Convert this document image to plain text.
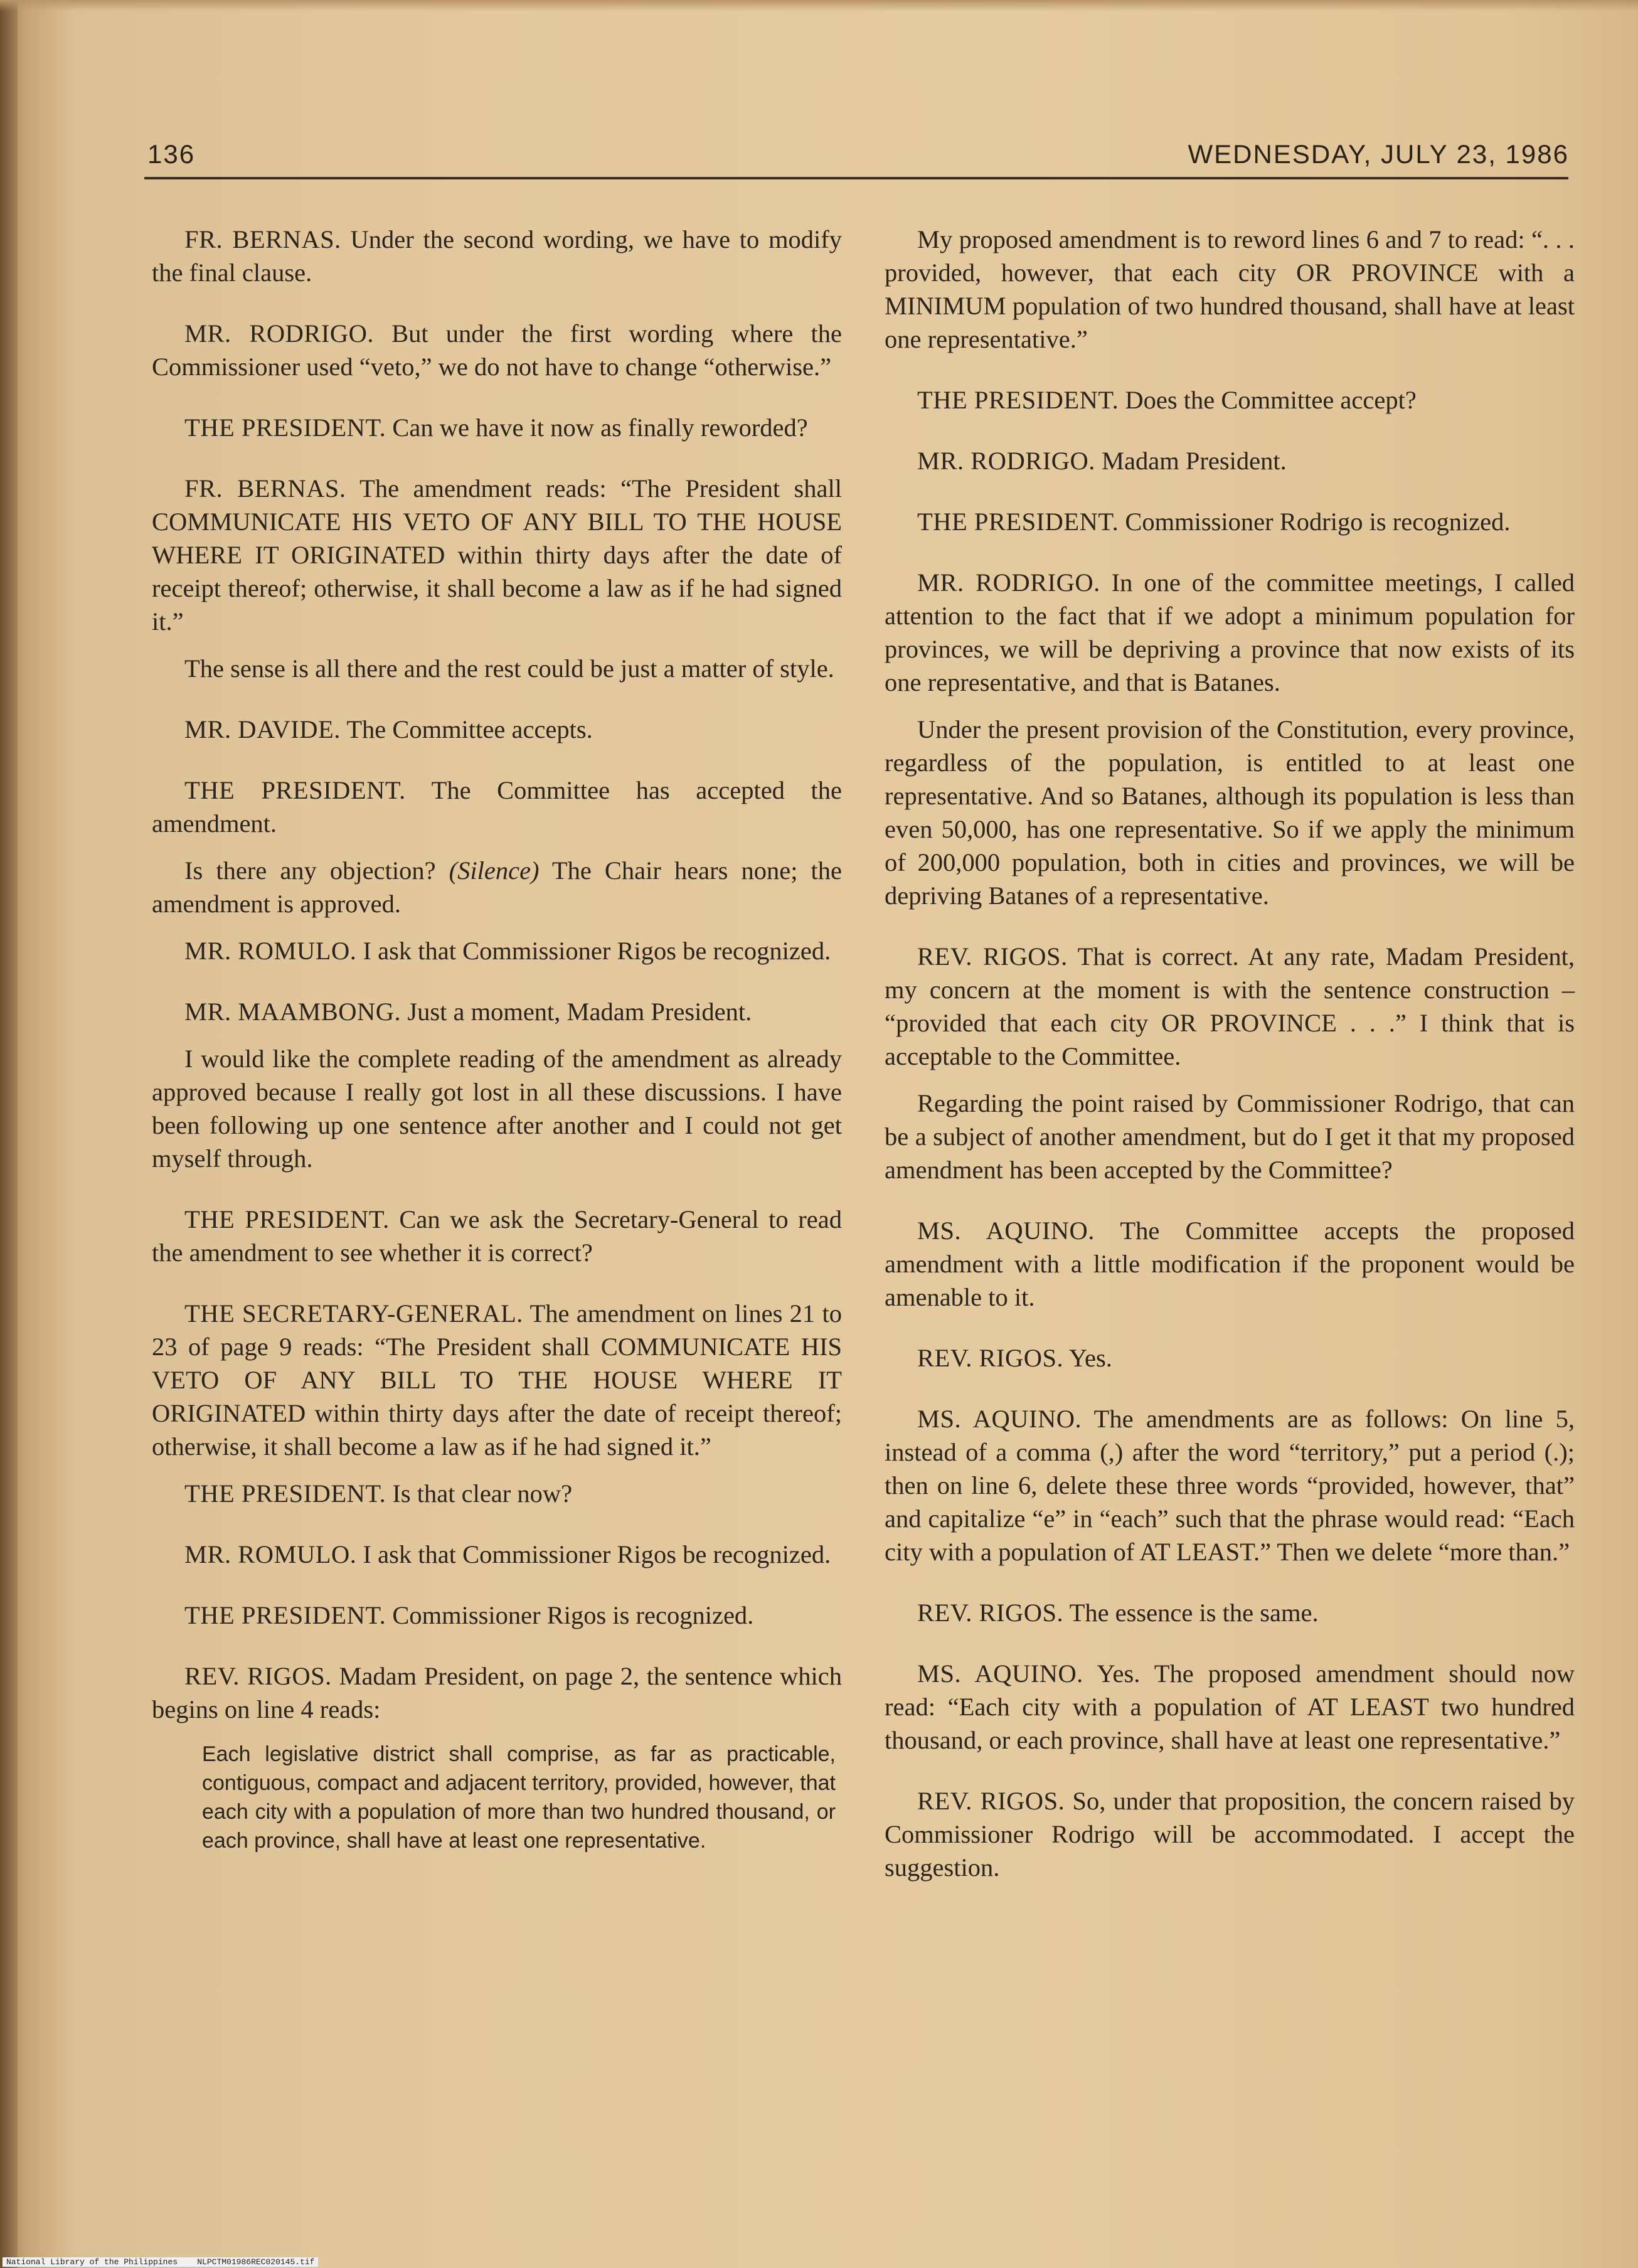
136	WEDNESDAY, JULY 23, 1986

FR. BERNAS. Under the second wording, we have to modify the final clause.

MR. RODRIGO. But under the first wording where the Commissioner used “veto,” we do not have to change “otherwise.”

THE PRESIDENT. Can we have it now as finally reworded?

FR. BERNAS. The amendment reads: “The President shall COMMUNICATE HIS VETO OF ANY BILL TO THE HOUSE WHERE IT ORIGINATED within thirty days after the date of receipt thereof; otherwise, it shall become a law as if he had signed it.”

The sense is all there and the rest could be just a matter of style.

MR. DAVIDE. The Committee accepts.

THE PRESIDENT. The Committee has accepted the amendment.

Is there any objection? (Silence) The Chair hears none; the amendment is approved.

MR. ROMULO. I ask that Commissioner Rigos be recognized.

MR. MAAMBONG. Just a moment, Madam President.

I would like the complete reading of the amendment as already approved because I really got lost in all these discussions. I have been following up one sentence after another and I could not get myself through.

THE PRESIDENT. Can we ask the Secretary-General to read the amendment to see whether it is correct?

THE SECRETARY-GENERAL. The amendment on lines 21 to 23 of page 9 reads: “The President shall COMMUNICATE HIS VETO OF ANY BILL TO THE HOUSE WHERE IT ORIGINATED within thirty days after the date of receipt thereof; otherwise, it shall become a law as if he had signed it.”

THE PRESIDENT. Is that clear now?

MR. ROMULO. I ask that Commissioner Rigos be recognized.

THE PRESIDENT. Commissioner Rigos is recognized.

REV. RIGOS. Madam President, on page 2, the sentence which begins on line 4 reads:

Each legislative district shall comprise, as far as practicable, contiguous, compact and adjacent territory, provided, however, that each city with a population of more than two hundred thousand, or each province, shall have at least one representative.

My proposed amendment is to reword lines 6 and 7 to read: “. . . provided, however, that each city OR PROVINCE with a MINIMUM population of two hundred thousand, shall have at least one representative.”

THE PRESIDENT. Does the Committee accept?

MR. RODRIGO. Madam President.

THE PRESIDENT. Commissioner Rodrigo is recognized.

MR. RODRIGO. In one of the committee meetings, I called attention to the fact that if we adopt a minimum population for provinces, we will be depriving a province that now exists of its one representative, and that is Batanes.

Under the present provision of the Constitution, every province, regardless of the population, is entitled to at least one representative. And so Batanes, although its population is less than even 50,000, has one representative. So if we apply the minimum of 200,000 population, both in cities and provinces, we will be depriving Batanes of a representative.

REV. RIGOS. That is correct. At any rate, Madam President, my concern at the moment is with the sentence construction – “provided that each city OR PROVINCE . . .” I think that is acceptable to the Committee.

Regarding the point raised by Commissioner Rodrigo, that can be a subject of another amendment, but do I get it that my proposed amendment has been accepted by the Committee?

MS. AQUINO. The Committee accepts the proposed amendment with a little modification if the proponent would be amenable to it.

REV. RIGOS. Yes.

MS. AQUINO. The amendments are as follows: On line 5, instead of a comma (,) after the word “territory,” put a period (.); then on line 6, delete these three words “provided, however, that” and capitalize “e” in “each” such that the phrase would read: “Each city with a population of AT LEAST.” Then we delete “more than.”

REV. RIGOS. The essence is the same.

MS. AQUINO. Yes. The proposed amendment should now read: “Each city with a population of AT LEAST two hundred thousand, or each province, shall have at least one representative.”

REV. RIGOS. So, under that proposition, the concern raised by Commissioner Rodrigo will be accommodated. I accept the suggestion.

National Library of the Philippines    NLPCTM01986REC020145.tif
